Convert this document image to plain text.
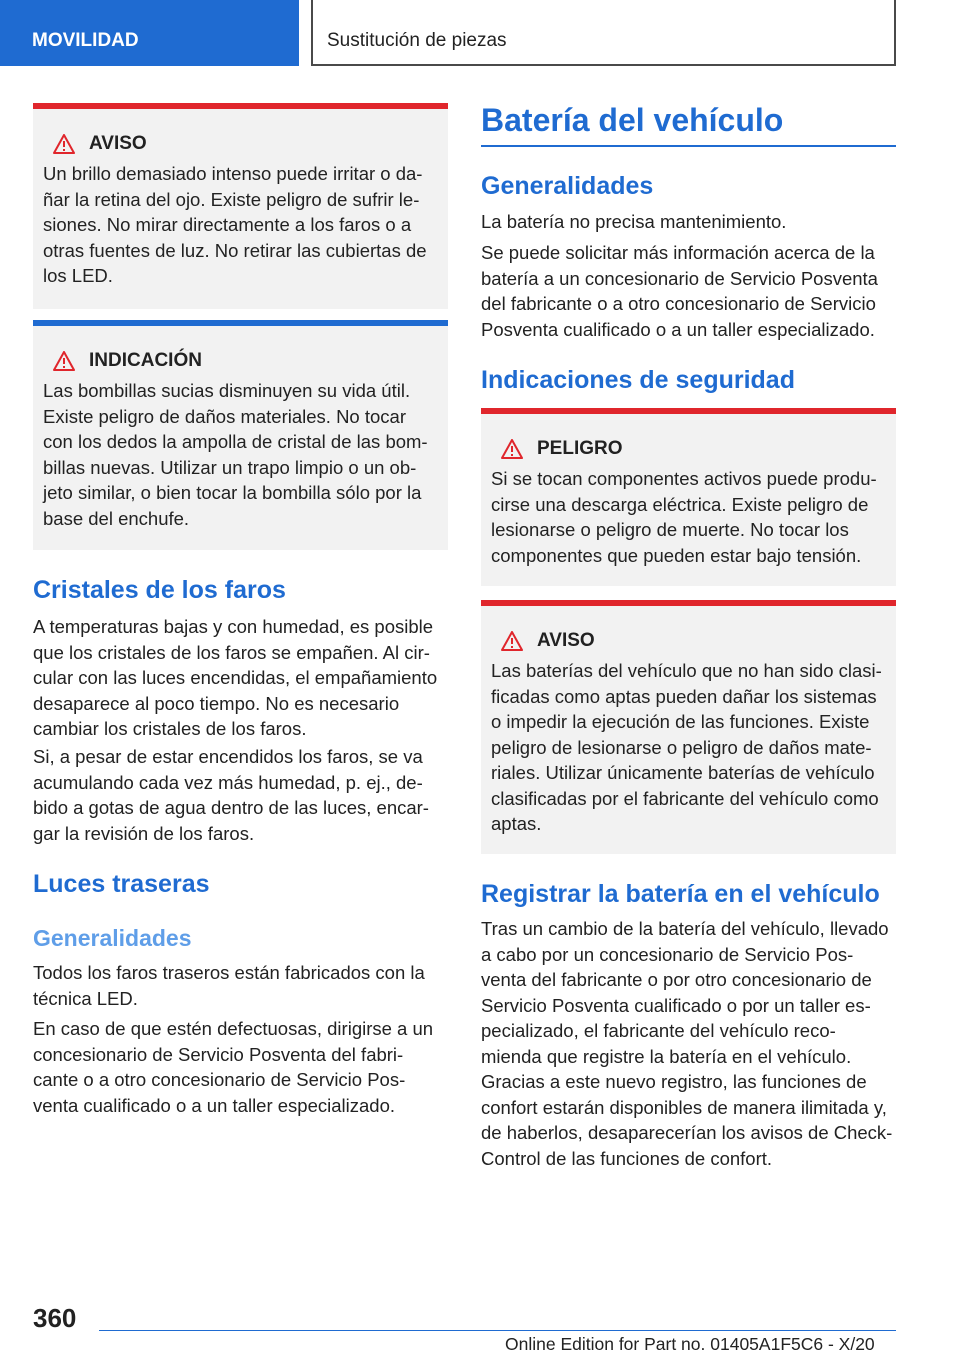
MOVILIDAD	Sustitución de piezas
AVISO
Un brillo demasiado intenso puede irritar o da- ñar la retina del ojo. Existe peligro de sufrir le- siones. No mirar directamente a los faros o a otras fuentes de luz. No retirar las cubiertas de los LED.
INDICACIÓN
Las bombillas sucias disminuyen su vida útil. Existe peligro de daños materiales. No tocar con los dedos la ampolla de cristal de las bom- billas nuevas. Utilizar un trapo limpio o un ob- jeto similar, o bien tocar la bombilla sólo por la base del enchufe.
Cristales de los faros
A temperaturas bajas y con humedad, es posible que los cristales de los faros se empañen. Al cir- cular con las luces encendidas, el empañamiento desaparece al poco tiempo. No es necesario cambiar los cristales de los faros.
Si, a pesar de estar encendidos los faros, se va acumulando cada vez más humedad, p. ej., de- bido a gotas de agua dentro de las luces, encar- gar la revisión de los faros.
Luces traseras
Generalidades
Todos los faros traseros están fabricados con la técnica LED.
En caso de que estén defectuosas, dirigirse a un concesionario de Servicio Posventa del fabri- cante o a otro concesionario de Servicio Pos- venta cualificado o a un taller especializado.
Batería del vehículo
Generalidades
La batería no precisa mantenimiento.
Se puede solicitar más información acerca de la batería a un concesionario de Servicio Posventa del fabricante o a otro concesionario de Servicio Posventa cualificado o a un taller especializado.
Indicaciones de seguridad
PELIGRO
Si se tocan componentes activos puede produ- cirse una descarga eléctrica. Existe peligro de lesionarse o peligro de muerte. No tocar los componentes que pueden estar bajo tensión.
AVISO
Las baterías del vehículo que no han sido clasi- ficadas como aptas pueden dañar los sistemas o impedir la ejecución de las funciones. Existe peligro de lesionarse o peligro de daños mate- riales. Utilizar únicamente baterías de vehículo clasificadas por el fabricante del vehículo como aptas.
Registrar la batería en el vehículo
Tras un cambio de la batería del vehículo, llevado a cabo por un concesionario de Servicio Pos- venta del fabricante o por otro concesionario de Servicio Posventa cualificado o por un taller es- pecializado, el fabricante del vehículo reco- mienda que registre la batería en el vehículo. Gracias a este nuevo registro, las funciones de confort estarán disponibles de manera ilimitada y, de haberlos, desaparecerían los avisos de Check-Control de las funciones de confort.
360
Online Edition for Part no. 01405A1F5C6 - X/20
